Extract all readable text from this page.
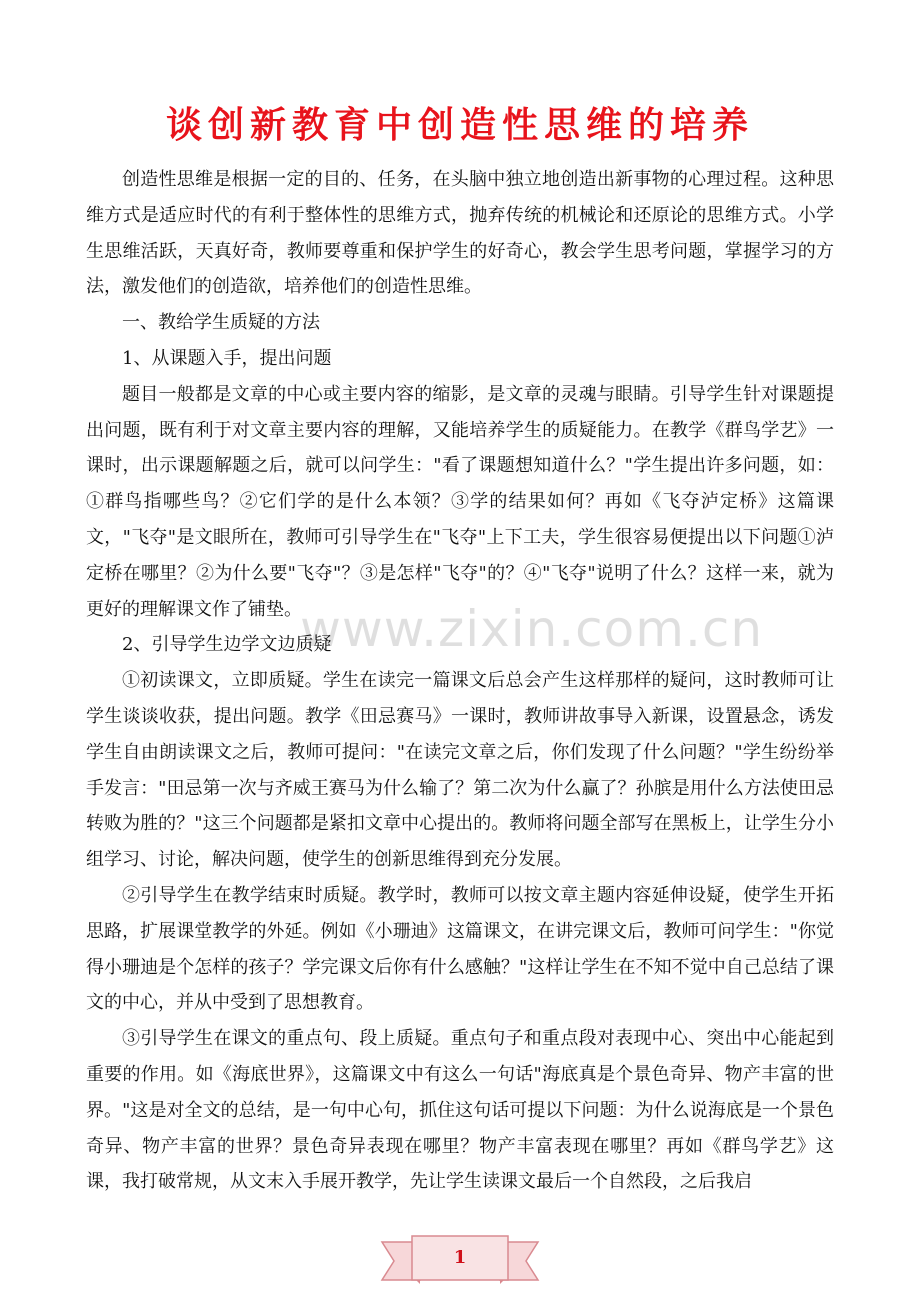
谈创新教育中创造性思维的培养

创造性思维是根据一定的目的、任务，在头脑中独立地创造出新事物的心理过程。这种思维方式是适应时代的有利于整体性的思维方式，抛弃传统的机械论和还原论的思维方式。小学生思维活跃，天真好奇，教师要尊重和保护学生的好奇心，教会学生思考问题，掌握学习的方法，激发他们的创造欲，培养他们的创造性思维。

一、教给学生质疑的方法

1、从课题入手，提出问题

题目一般都是文章的中心或主要内容的缩影，是文章的灵魂与眼睛。引导学生针对课题提出问题，既有利于对文章主要内容的理解，又能培养学生的质疑能力。在教学《群鸟学艺》一课时，出示课题解题之后，就可以问学生："看了课题想知道什么？"学生提出许多问题，如：①群鸟指哪些鸟？②它们学的是什么本领？③学的结果如何？再如《飞夺泸定桥》这篇课文，"飞夺"是文眼所在，教师可引导学生在"飞夺"上下工夫，学生很容易便提出以下问题①泸定桥在哪里？②为什么要"飞夺"？③是怎样"飞夺"的？④"飞夺"说明了什么？这样一来，就为更好的理解课文作了铺垫。

2、引导学生边学文边质疑

①初读课文，立即质疑。学生在读完一篇课文后总会产生这样那样的疑问，这时教师可让学生谈谈收获，提出问题。教学《田忌赛马》一课时，教师讲故事导入新课，设置悬念，诱发学生自由朗读课文之后，教师可提问："在读完文章之后，你们发现了什么问题？"学生纷纷举手发言："田忌第一次与齐威王赛马为什么输了？第二次为什么赢了？孙膑是用什么方法使田忌转败为胜的？"这三个问题都是紧扣文章中心提出的。教师将问题全部写在黑板上，让学生分小组学习、讨论，解决问题，使学生的创新思维得到充分发展。

②引导学生在教学结束时质疑。教学时，教师可以按文章主题内容延伸设疑，使学生开拓思路，扩展课堂教学的外延。例如《小珊迪》这篇课文，在讲完课文后，教师可问学生："你觉得小珊迪是个怎样的孩子？学完课文后你有什么感触？"这样让学生在不知不觉中自己总结了课文的中心，并从中受到了思想教育。

③引导学生在课文的重点句、段上质疑。重点句子和重点段对表现中心、突出中心能起到重要的作用。如《海底世界》，这篇课文中有这么一句话"海底真是个景色奇异、物产丰富的世界。"这是对全文的总结，是一句中心句，抓住这句话可提以下问题：为什么说海底是一个景色奇异、物产丰富的世界？景色奇异表现在哪里？物产丰富表现在哪里？再如《群鸟学艺》这课，我打破常规，从文末入手展开教学，先让学生读课文最后一个自然段，之后我启

www.zixin.com.cn
1
